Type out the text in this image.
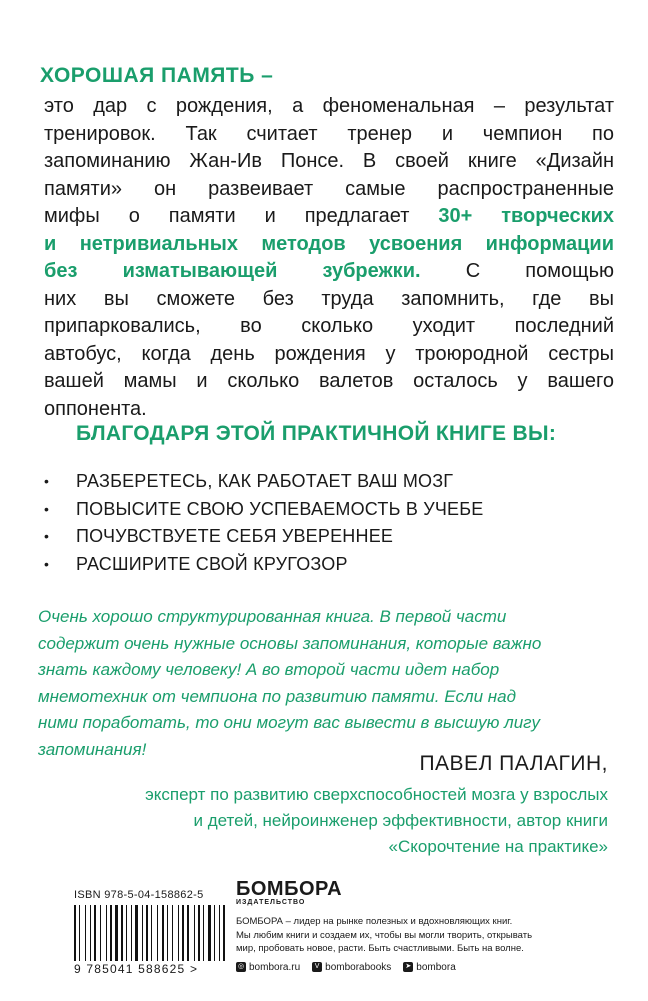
ХОРОШАЯ ПАМЯТЬ –
это дар с рождения, а феноменальная – результат
тренировок. Так считает тренер и чемпион по
запоминанию Жан-Ив Понсе. В своей книге «Дизайн
памяти» он развеивает самые распространенные
мифы о памяти и предлагает 30+ творческих
и нетривиальных методов усвоения информации
без изматывающей зубрежки. С помощью
них вы сможете без труда запомнить, где вы
припарковались, во сколько уходит последний
автобус, когда день рождения у троюродной сестры
вашей мамы и сколько валетов осталось у вашего
оппонента.
БЛАГОДАРЯ ЭТОЙ ПРАКТИЧНОЙ КНИГЕ ВЫ:
•	РАЗБЕРЕТЕСЬ, КАК РАБОТАЕТ ВАШ МОЗГ
•	ПОВЫСИТЕ СВОЮ УСПЕВАЕМОСТЬ В УЧЕБЕ
•	ПОЧУВСТВУЕТЕ СЕБЯ УВЕРЕННЕЕ
•	РАСШИРИТЕ СВОЙ КРУГОЗОР
Очень хорошо структурированная книга. В первой части
содержит очень нужные основы запоминания, которые важно
знать каждому человеку! А во второй части идет набор
мнемотехник от чемпиона по развитию памяти. Если над
ними поработать, то они могут вас вывести в высшую лигу
запоминания!
ПАВЕЛ ПАЛАГИН,
эксперт по развитию сверхспособностей мозга у взрослых
и детей, нейроинженер эффективности, автор книги
«Скорочтение на практике»
ISBN 978-5-04-158862-5
9 785041 588625 >
БОМБОРА
ИЗДАТЕЛЬСТВО
БОМБОРА – лидер на рынке полезных и вдохновляющих книг.
Мы любим книги и создаем их, чтобы вы могли творить, открывать
мир, пробовать новое, расти. Быть счастливыми. Быть на волне.
◎ bombora.ru	V bomborabooks ➤ bombora
